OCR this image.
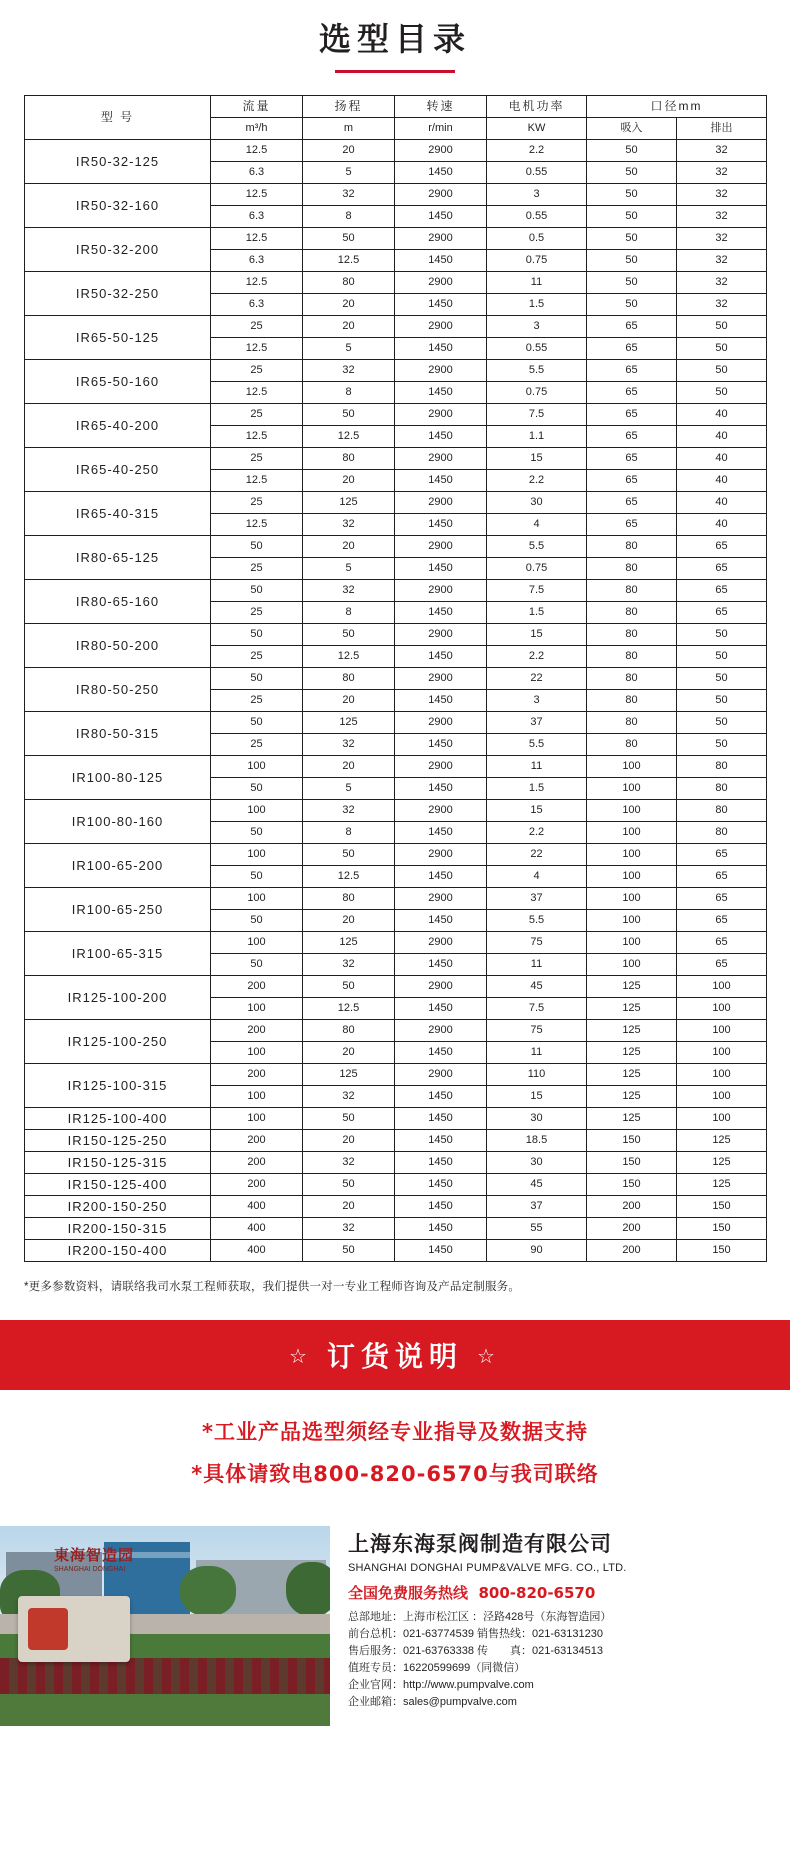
选型目录
型 号	流量	扬程	转速	电机功率	口径mm	
	m³/h	m	r/min	KW	吸入	排出
IR50-32-125	12.5	20	2900	2.2	50	32
	6.3	5	1450	0.55	50	32
IR50-32-160	12.5	32	2900	3	50	32
	6.3	8	1450	0.55	50	32
IR50-32-200	12.5	50	2900	0.5	50	32
	6.3	12.5	1450	0.75	50	32
IR50-32-250	12.5	80	2900	11	50	32
	6.3	20	1450	1.5	50	32
IR65-50-125	25	20	2900	3	65	50
	12.5	5	1450	0.55	65	50
IR65-50-160	25	32	2900	5.5	65	50
	12.5	8	1450	0.75	65	50
IR65-40-200	25	50	2900	7.5	65	40
	12.5	12.5	1450	1.1	65	40
IR65-40-250	25	80	2900	15	65	40
	12.5	20	1450	2.2	65	40
IR65-40-315	25	125	2900	30	65	40
	12.5	32	1450	4	65	40
IR80-65-125	50	20	2900	5.5	80	65
	25	5	1450	0.75	80	65
IR80-65-160	50	32	2900	7.5	80	65
	25	8	1450	1.5	80	65
IR80-50-200	50	50	2900	15	80	50
	25	12.5	1450	2.2	80	50
IR80-50-250	50	80	2900	22	80	50
	25	20	1450	3	80	50
IR80-50-315	50	125	2900	37	80	50
	25	32	1450	5.5	80	50
IR100-80-125	100	20	2900	11	100	80
	50	5	1450	1.5	100	80
IR100-80-160	100	32	2900	15	100	80
	50	8	1450	2.2	100	80
IR100-65-200	100	50	2900	22	100	65
	50	12.5	1450	4	100	65
IR100-65-250	100	80	2900	37	100	65
	50	20	1450	5.5	100	65
IR100-65-315	100	125	2900	75	100	65
	50	32	1450	11	100	65
IR125-100-200	200	50	2900	45	125	100
	100	12.5	1450	7.5	125	100
IR125-100-250	200	80	2900	75	125	100
	100	20	1450	11	125	100
IR125-100-315	200	125	2900	110	125	100
	100	32	1450	15	125	100
IR125-100-400	100	50	1450	30	125	100
IR150-125-250	200	20	1450	18.5	150	125
IR150-125-315	200	32	1450	30	150	125
IR150-125-400	200	50	1450	45	150	125
IR200-150-250	400	20	1450	37	200	150
IR200-150-315	400	32	1450	55	200	150
IR200-150-400	400	50	1450	90	200	150
*更多参数资料，请联络我司水泵工程师获取，我们提供一对一专业工程师咨询及产品定制服务。
☆ 订货说明 ☆
*工业产品选型须经专业指导及数据支持
*具体请致电800-820-6570与我司联络
東海智造园
SHANGHAI DONGHAI
上海东海泵阀制造有限公司
SHANGHAI DONGHAI PUMP&VALVE MFG. CO., LTD.
全国免费服务热线 800-820-6570
总部地址：上海市松江区 ：泾路428号（东海智造园）
前台总机：021-63774539 销售热线：021-63131230
售后服务：021-63763338 传　　真：021-63134513
值班专员：16220599699（同微信）
企业官网：http://www.pumpvalve.com
企业邮箱：sales@pumpvalve.com
